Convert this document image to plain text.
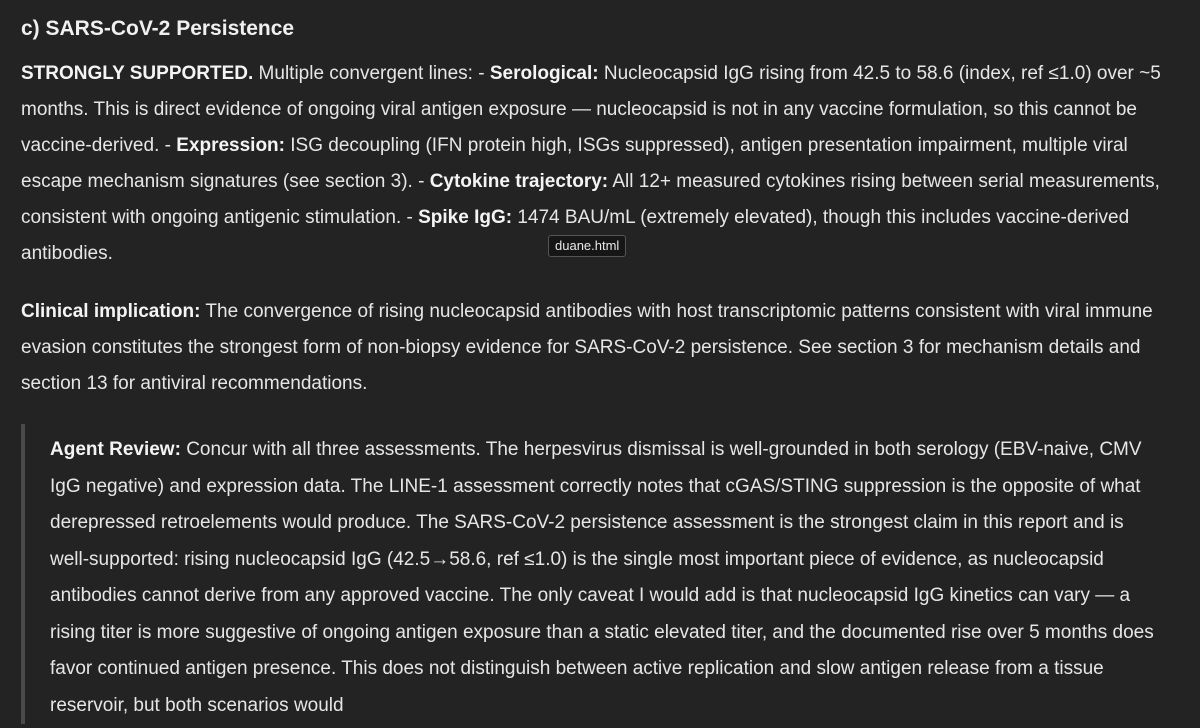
c) SARS-CoV-2 Persistence

STRONGLY SUPPORTED. Multiple convergent lines: - Serological: Nucleocapsid IgG rising from 42.5 to 58.6 (index, ref ≤1.0) over ~5 months. This is direct evidence of ongoing viral antigen exposure — nucleocapsid is not in any vaccine formulation, so this cannot be vaccine-derived. - Expression: ISG decoupling (IFN protein high, ISGs suppressed), antigen presentation impairment, multiple viral escape mechanism signatures (see section 3). - Cytokine trajectory: All 12+ measured cytokines rising between serial measurements, consistent with ongoing antigenic stimulation. - Spike IgG: 1474 BAU/mL (extremely elevated), though this includes vaccine-derived antibodies.

Clinical implication: The convergence of rising nucleocapsid antibodies with host transcriptomic patterns consistent with viral immune evasion constitutes the strongest form of non-biopsy evidence for SARS-CoV-2 persistence. See section 3 for mechanism details and section 13 for antiviral recommendations.

Agent Review: Concur with all three assessments. The herpesvirus dismissal is well-grounded in both serology (EBV-naive, CMV IgG negative) and expression data. The LINE-1 assessment correctly notes that cGAS/STING suppression is the opposite of what derepressed retroelements would produce. The SARS-CoV-2 persistence assessment is the strongest claim in this report and is well-supported: rising nucleocapsid IgG (42.5→58.6, ref ≤1.0) is the single most important piece of evidence, as nucleocapsid antibodies cannot derive from any approved vaccine. The only caveat I would add is that nucleocapsid IgG kinetics can vary — a rising titer is more suggestive of ongoing antigen exposure than a static elevated titer, and the documented rise over 5 months does favor continued antigen presence. This does not distinguish between active replication and slow antigen release from a tissue reservoir, but both scenarios would

duane.html
